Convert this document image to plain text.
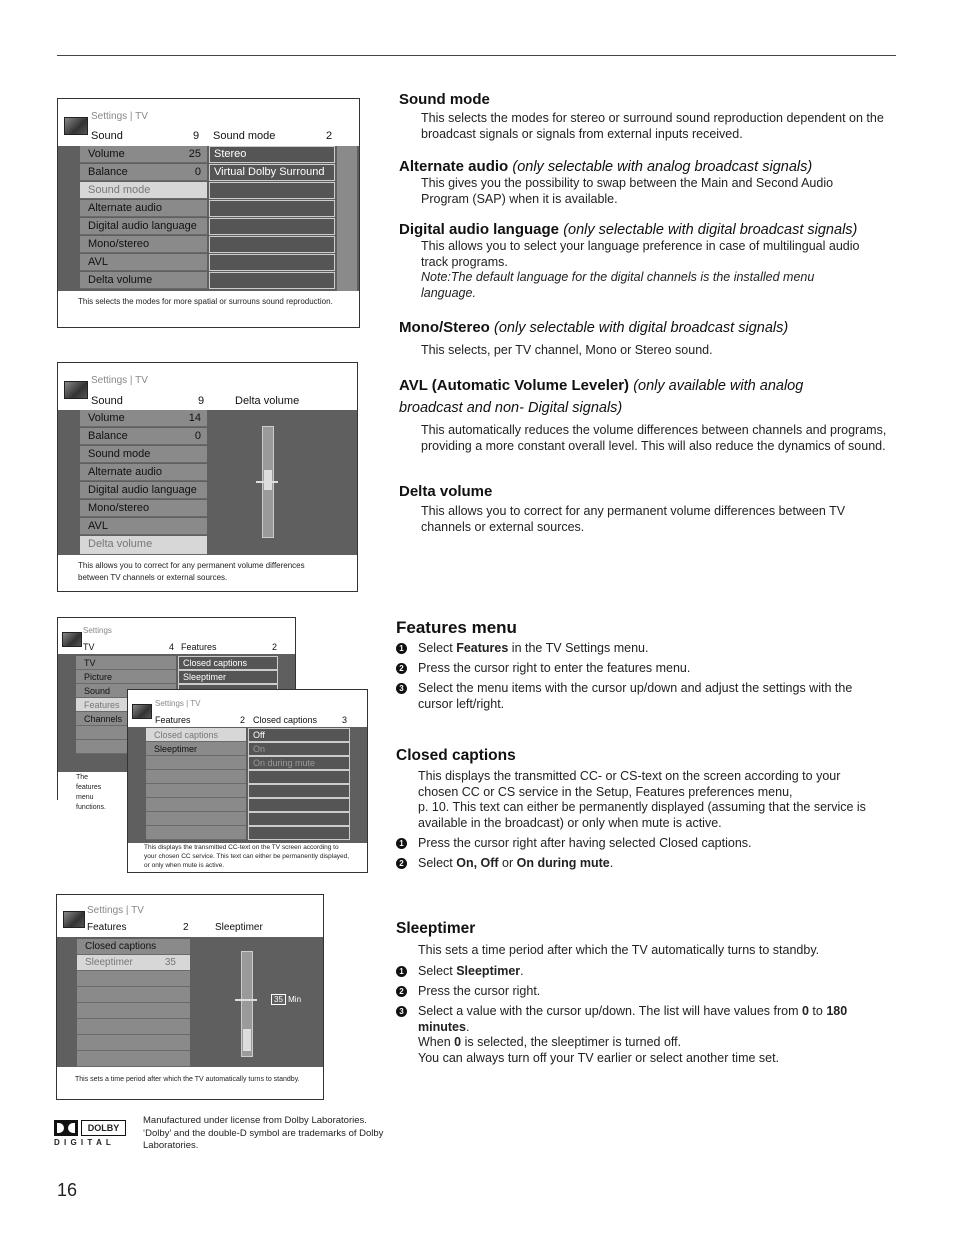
Settings | TV
Sound	9 Sound mode	2
Volume	25
Balance	0
Sound mode
Alternate audio
Digital audio language
Mono/stereo
AVL
Delta volume
Stereo
Virtual Dolby Surround
This selects the modes for more spatial or surrouns sound reproduction.
Settings | TV
Sound	9	Delta volume
Volume	14
Balance	0
Sound mode
Alternate audio
Digital audio language
Mono/stereo
AVL
Delta volume
This allows you to correct for any permanent volume differences between TV channels or external sources.
Settings
TV	4 Features	2
TV
Picture
Sound
Features
Channels
Closed captions
Sleeptimer
The features menu functions.
Settings | TV
Features	2 Closed captions	3
Closed captions
Sleeptimer
Off
On
On during mute
This displays the transmitted CC-text on the TV screen according to your chosen CC service. This text can either be permanently displayed, or only when mute is active.
Settings | TV
Features	2	Sleeptimer
Closed captions
Sleeptimer	35
35 Min
This sets a time period after which the TV automatically turns to standby.
Sound mode
This selects the modes for stereo or surround sound reproduction dependent on the broadcast signals or signals from external inputs received.
Alternate audio (only selectable with analog broadcast signals)
This gives you the possibility to swap between the Main and Second Audio Program (SAP) when it is available.
Digital audio language (only selectable with digital broadcast signals)
This allows you to select your language preference in case of multilingual audio track programs.
Note:The default language for the digital channels is the installed menu language.
Mono/Stereo (only selectable with digital broadcast signals)
This selects, per TV channel, Mono or Stereo sound.
AVL (Automatic Volume Leveler) (only available with analog
broadcast and non- Digital signals)
This automatically reduces the volume differences between channels and programs, providing a more constant overall level. This will also reduce the dynamics of sound.
Delta volume
This allows you to correct for any permanent volume differences between TV channels or external sources.
Features menu
1 Select Features in the TV Settings menu.
2 Press the cursor right to enter the features menu.
3 Select the menu items with the cursor up/down and adjust the settings with the cursor left/right.
Closed captions
This displays the transmitted CC- or CS-text on the screen according to your chosen CC or CS service in the Setup, Features preferences menu,
p. 10. This text can either be permanently displayed (assuming that the service is available in the broadcast) or only when mute is active.
1 Press the cursor right after having selected Closed captions.
2 Select On, Off or On during mute.
Sleeptimer
This sets a time period after which the TV automatically turns to standby.
1 Select Sleeptimer.
2 Press the cursor right.
3 Select a value with the cursor up/down. The list will have values from 0 to 180
minutes.
When 0 is selected, the sleeptimer is turned off.
You can always turn off your TV earlier or select another time set.
DOLBY
D I G I T A L
Manufactured under license from Dolby Laboratories. ‘Dolby’ and the double-D symbol are trademarks of Dolby Laboratories.
16
